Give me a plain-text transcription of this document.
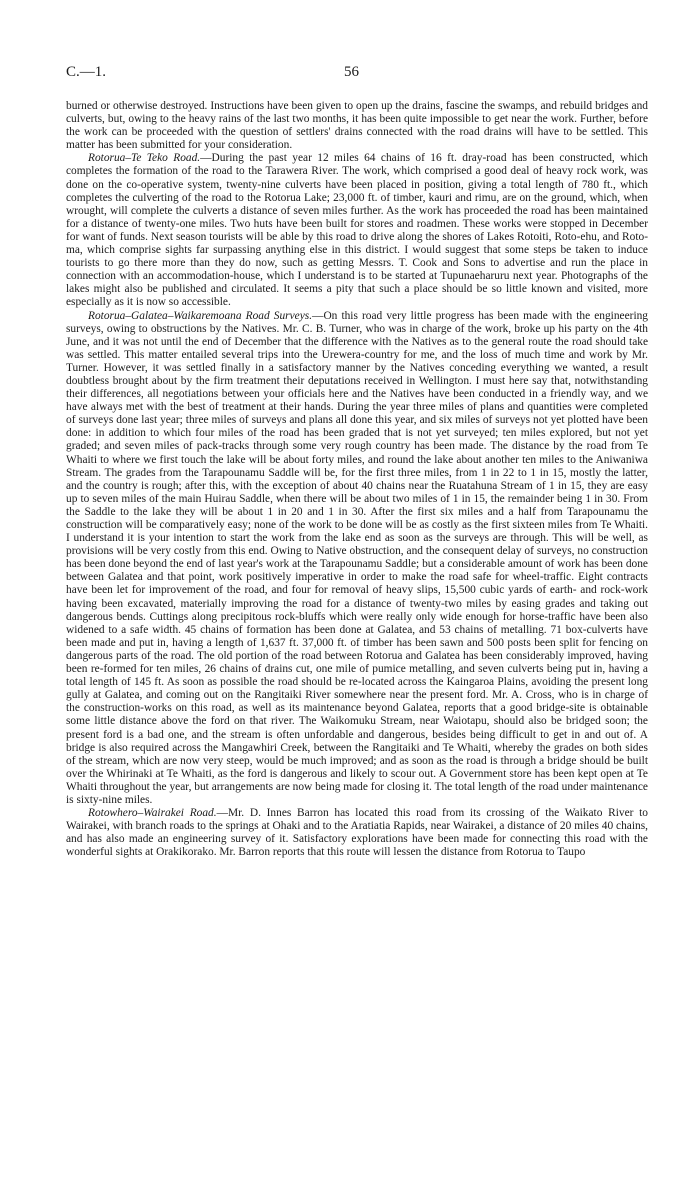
C.—1.	56

burned or otherwise destroyed. Instructions have been given to open up the drains, fascine the swamps, and rebuild bridges and culverts, but, owing to the heavy rains of the last two months, it has been quite impossible to get near the work. Further, before the work can be proceeded with the question of settlers' drains connected with the road drains will have to be settled. This matter has been submitted for your consideration.

Rotorua–Te Teko Road.—During the past year 12 miles 64 chains of 16 ft. dray-road has been constructed, which completes the formation of the road to the Tarawera River. The work, which comprised a good deal of heavy rock work, was done on the co-operative system, twenty-nine culverts have been placed in position, giving a total length of 780 ft., which completes the culverting of the road to the Rotorua Lake; 23,000 ft. of timber, kauri and rimu, are on the ground, which, when wrought, will complete the culverts a distance of seven miles further. As the work has proceeded the road has been maintained for a distance of twenty-one miles. Two huts have been built for stores and roadmen. These works were stopped in December for want of funds. Next season tourists will be able by this road to drive along the shores of Lakes Rotoiti, Roto-ehu, and Roto-ma, which comprise sights far surpassing anything else in this district. I would suggest that some steps be taken to induce tourists to go there more than they do now, such as getting Messrs. T. Cook and Sons to advertise and run the place in connection with an accommodation-house, which I understand is to be started at Tupunaeharuru next year. Photographs of the lakes might also be published and circulated. It seems a pity that such a place should be so little known and visited, more especially as it is now so accessible.

Rotorua–Galatea–Waikaremoana Road Surveys.—On this road very little progress has been made with the engineering surveys, owing to obstructions by the Natives. Mr. C. B. Turner, who was in charge of the work, broke up his party on the 4th June, and it was not until the end of December that the difference with the Natives as to the general route the road should take was settled. This matter entailed several trips into the Urewera-country for me, and the loss of much time and work by Mr. Turner. However, it was settled finally in a satisfactory manner by the Natives conceding everything we wanted, a result doubtless brought about by the firm treatment their deputations received in Wellington. I must here say that, notwithstanding their differences, all negotiations between your officials here and the Natives have been conducted in a friendly way, and we have always met with the best of treatment at their hands. During the year three miles of plans and quantities were completed of surveys done last year; three miles of surveys and plans all done this year, and six miles of surveys not yet plotted have been done: in addition to which four miles of the road has been graded that is not yet surveyed; ten miles explored, but not yet graded; and seven miles of pack-tracks through some very rough country has been made. The distance by the road from Te Whaiti to where we first touch the lake will be about forty miles, and round the lake about another ten miles to the Aniwaniwa Stream. The grades from the Tarapounamu Saddle will be, for the first three miles, from 1 in 22 to 1 in 15, mostly the latter, and the country is rough; after this, with the exception of about 40 chains near the Ruatahuna Stream of 1 in 15, they are easy up to seven miles of the main Huirau Saddle, when there will be about two miles of 1 in 15, the remainder being 1 in 30. From the Saddle to the lake they will be about 1 in 20 and 1 in 30. After the first six miles and a half from Tarapounamu the construction will be comparatively easy; none of the work to be done will be as costly as the first sixteen miles from Te Whaiti. I understand it is your intention to start the work from the lake end as soon as the surveys are through. This will be well, as provisions will be very costly from this end. Owing to Native obstruction, and the consequent delay of surveys, no construction has been done beyond the end of last year's work at the Tarapounamu Saddle; but a considerable amount of work has been done between Galatea and that point, work positively imperative in order to make the road safe for wheel-traffic. Eight contracts have been let for improvement of the road, and four for removal of heavy slips, 15,500 cubic yards of earth- and rock-work having been excavated, materially improving the road for a distance of twenty-two miles by easing grades and taking out dangerous bends. Cuttings along precipitous rock-bluffs which were really only wide enough for horse-traffic have been also widened to a safe width. 45 chains of formation has been done at Galatea, and 53 chains of metalling. 71 box-culverts have been made and put in, having a length of 1,637 ft. 37,000 ft. of timber has been sawn and 500 posts been split for fencing on dangerous parts of the road. The old portion of the road between Rotorua and Galatea has been considerably improved, having been re-formed for ten miles, 26 chains of drains cut, one mile of pumice metalling, and seven culverts being put in, having a total length of 145 ft. As soon as possible the road should be re-located across the Kaingaroa Plains, avoiding the present long gully at Galatea, and coming out on the Rangitaiki River somewhere near the present ford. Mr. A. Cross, who is in charge of the construction-works on this road, as well as its maintenance beyond Galatea, reports that a good bridge-site is obtainable some little distance above the ford on that river. The Waikomuku Stream, near Waiotapu, should also be bridged soon; the present ford is a bad one, and the stream is often unfordable and dangerous, besides being difficult to get in and out of. A bridge is also required across the Mangawhiri Creek, between the Rangitaiki and Te Whaiti, whereby the grades on both sides of the stream, which are now very steep, would be much improved; and as soon as the road is through a bridge should be built over the Whirinaki at Te Whaiti, as the ford is dangerous and likely to scour out. A Government store has been kept open at Te Whaiti throughout the year, but arrangements are now being made for closing it. The total length of the road under maintenance is sixty-nine miles.

Rotowhero–Wairakei Road.—Mr. D. Innes Barron has located this road from its crossing of the Waikato River to Wairakei, with branch roads to the springs at Ohaki and to the Aratiatia Rapids, near Wairakei, a distance of 20 miles 40 chains, and has also made an engineering survey of it. Satisfactory explorations have been made for connecting this road with the wonderful sights at Orakikorako. Mr. Barron reports that this route will lessen the distance from Rotorua to Taupo
